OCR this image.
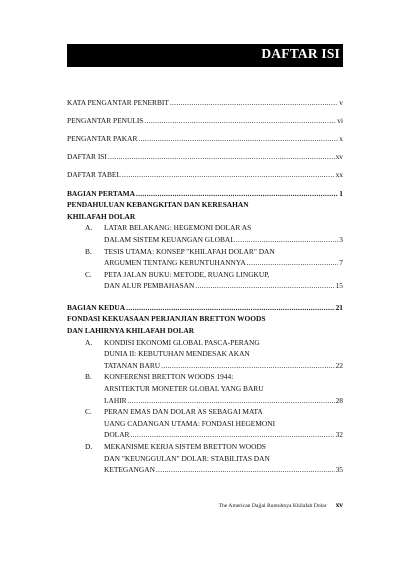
DAFTAR ISI
KATA PENGANTAR PENERBIT .....	v
PENGANTAR PENULIS .....	vi
PENGANTAR PAKAR .....	x
DAFTAR ISI .....	xv
DAFTAR TABEL .....	xx
BAGIAN PERTAMA .....	1
PENDAHULUAN KEBANGKITAN DAN KERESAHAN
KHILAFAH DOLAR
A. LATAR BELAKANG: HEGEMONI DOLAR AS
DALAM SISTEM KEUANGAN GLOBAL .....	3
B. TESIS UTAMA: KONSEP "KHILAFAH DOLAR" DAN
ARGUMEN TENTANG KERUNTUHANNYA .....	7
C. PETA JALAN BUKU: METODE, RUANG LINGKUP,
DAN ALUR PEMBAHASAN .....	15
BAGIAN KEDUA .....	21
FONDASI KEKUASAAN PERJANJIAN BRETTON WOODS
DAN LAHIRNYA KHILAFAH DOLAR
A. KONDISI EKONOMI GLOBAL PASCA-PERANG
DUNIA II: KEBUTUHAN MENDESAK AKAN
TATANAN BARU .....	22
B. KONFERENSI BRETTON WOODS 1944:
ARSITEKTUR MONETER GLOBAL YANG BARU
LAHIR .....	28
C. PERAN EMAS DAN DOLAR AS SEBAGAI MATA
UANG CADANGAN UTAMA: FONDASI HEGEMONI
DOLAR .....	32
D. MEKANISME KERJA SISTEM BRETTON WOODS
DAN "KEUNGGULAN" DOLAR: STABILITAS DAN
KETEGANGAN .....	35
The American Dajjal Runtuhnya Khilafah Dolar xv
